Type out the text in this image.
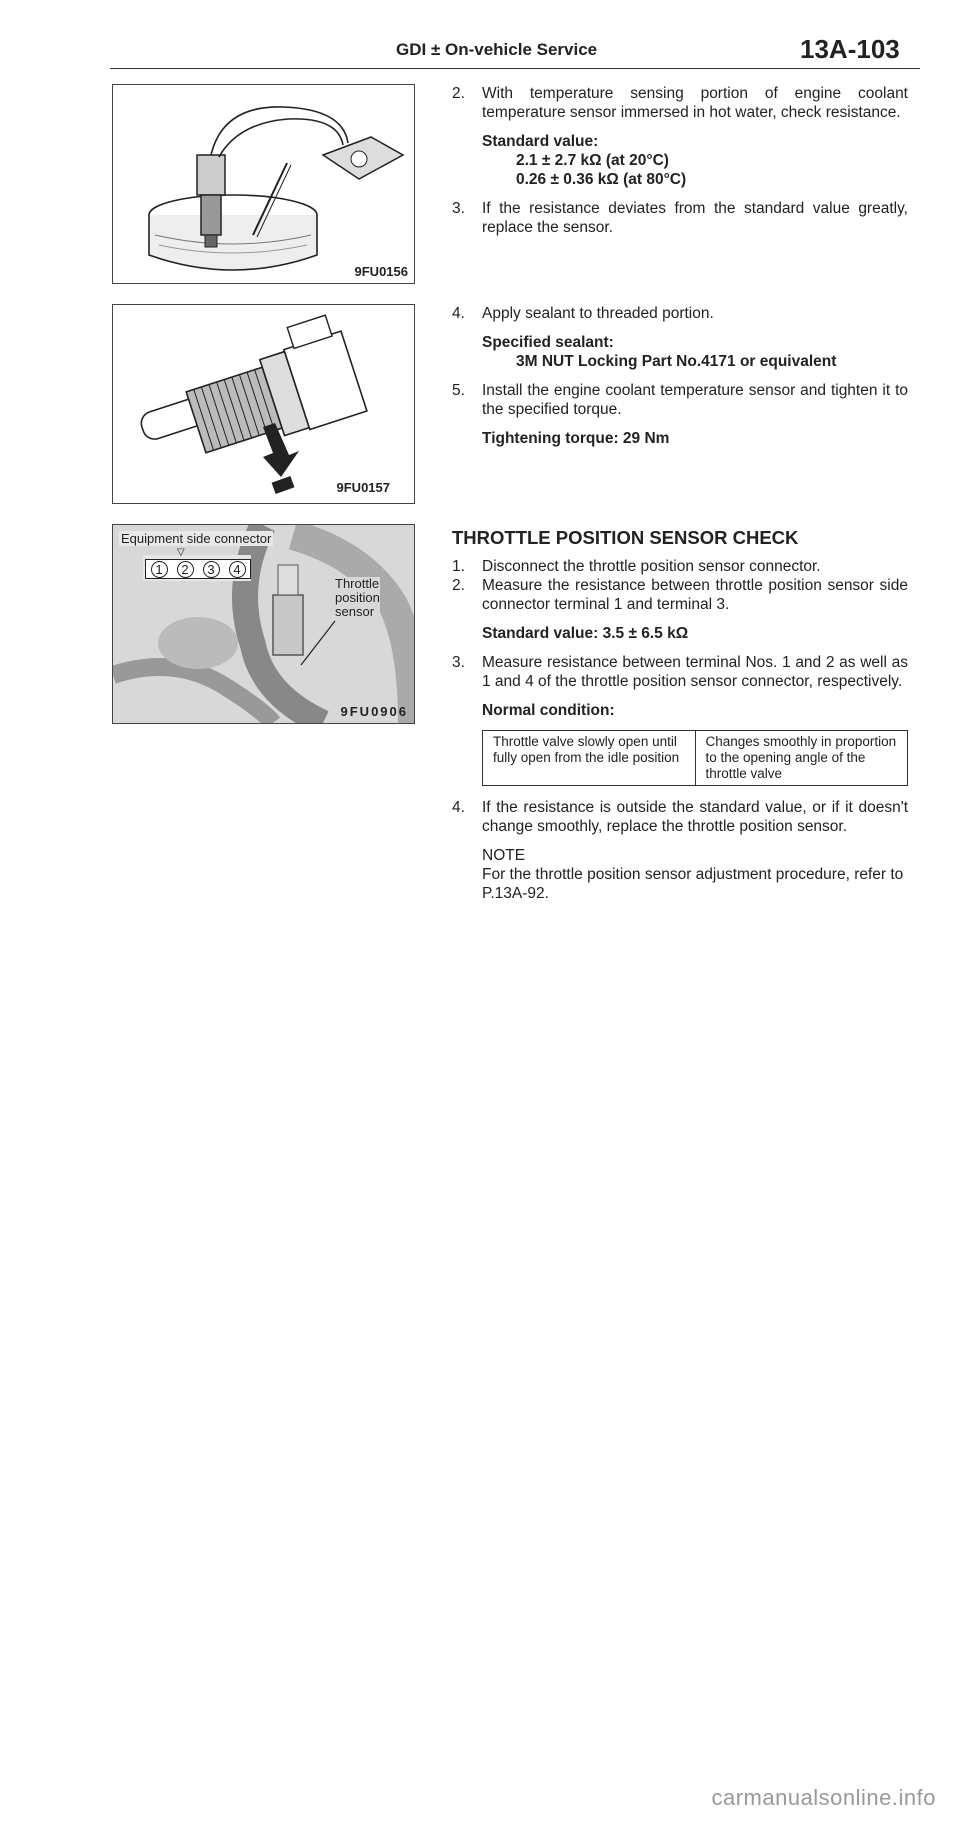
GDI ± On-vehicle Service	13A-103
9FU0156
9FU0157
Equipment side connector
1	2	3	4
▽
Throttle
position
sensor
9FU0906
2. With temperature sensing portion of engine coolant temperature sensor immersed in hot water, check resistance.
Standard value:
2.1 ± 2.7 kΩ (at 20°C)
0.26 ± 0.36 kΩ (at 80°C)
3. If the resistance deviates from the standard value greatly, replace the sensor.
4. Apply sealant to threaded portion.
Specified sealant:
3M NUT Locking Part No.4171 or equivalent
5. Install the engine coolant temperature sensor and tighten it to the specified torque.
Tightening torque: 29 Nm
THROTTLE POSITION SENSOR CHECK
1. Disconnect the throttle position sensor connector.
2. Measure the resistance between throttle position sensor side connector terminal 1 and terminal 3.
Standard value: 3.5 ± 6.5 kΩ
3. Measure resistance between terminal Nos. 1 and 2 as well as 1 and 4 of the throttle position sensor connector, respectively.
Normal condition:
Throttle valve slowly open until fully open from the idle position	Changes smoothly in proportion to the opening angle of the throttle valve
4. If the resistance is outside the standard value, or if it doesn't change smoothly, replace the throttle position sensor.
NOTE
For the throttle position sensor adjustment procedure, refer to P.13A-92.
carmanualsonline.info
